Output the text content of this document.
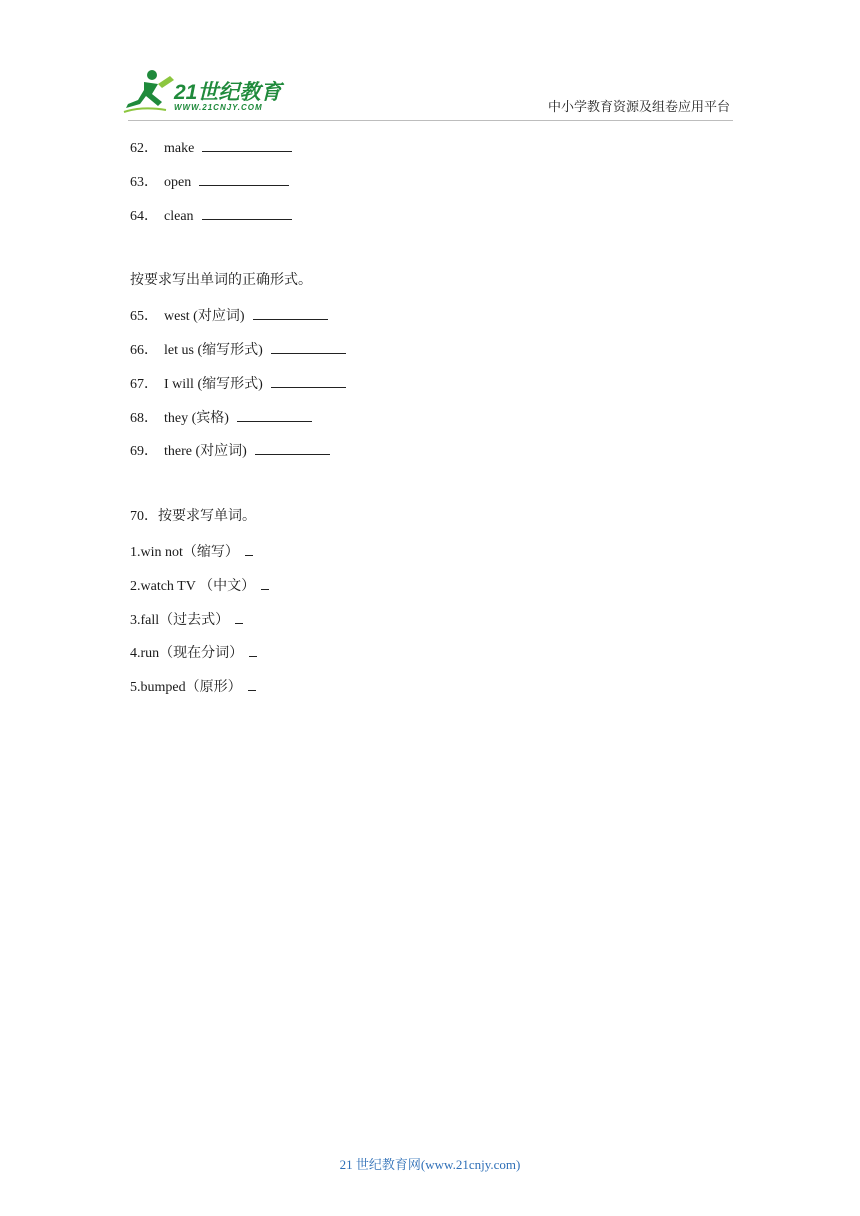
21世纪教育
WWW.21CNJY.COM	中小学教育资源及组卷应用平台
62． make
63． open
64． clean
按要求写出单词的正确形式。
65． west (对应词)
66． let us (缩写形式)
67． I will (缩写形式)
68． they (宾格)
69． there (对应词)
70．按要求写单词。
1.win not（缩写）
2.watch TV （中文）
3.fall（过去式）
4.run（现在分词）
5.bumped（原形）
21 世纪教育网(www.21cnjy.com)
